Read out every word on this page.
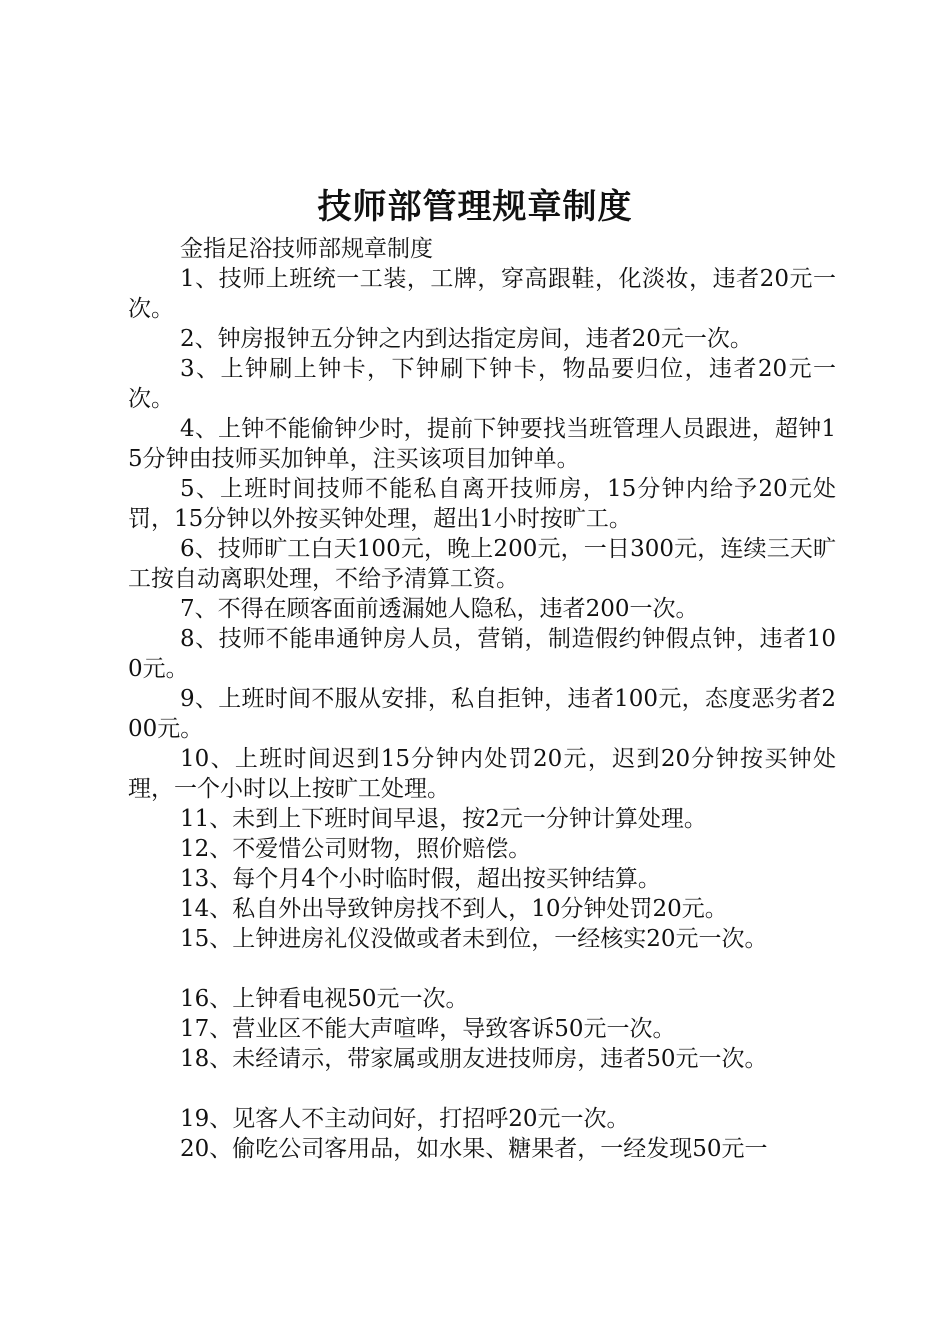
技师部管理规章制度

金指足浴技师部规章制度

1、技师上班统一工装，工牌，穿高跟鞋，化淡妆，违者20元一次。

2、钟房报钟五分钟之内到达指定房间，违者20元一次。

3、上钟刷上钟卡，下钟刷下钟卡，物品要归位，违者20元一次。

4、上钟不能偷钟少时，提前下钟要找当班管理人员跟进，超钟15分钟由技师买加钟单，注买该项目加钟单。

5、上班时间技师不能私自离开技师房，15分钟内给予20元处罚，15分钟以外按买钟处理，超出1小时按旷工。

6、技师旷工白天100元，晚上200元，一日300元，连续三天旷工按自动离职处理，不给予清算工资。

7、不得在顾客面前透漏她人隐私，违者200一次。

8、技师不能串通钟房人员，营销，制造假约钟假点钟，违者100元。

9、上班时间不服从安排，私自拒钟，违者100元，态度恶劣者200元。

10、上班时间迟到15分钟内处罚20元，迟到20分钟按买钟处理，一个小时以上按旷工处理。

11、未到上下班时间早退，按2元一分钟计算处理。

12、不爱惜公司财物，照价赔偿。

13、每个月4个小时临时假，超出按买钟结算。

14、私自外出导致钟房找不到人，10分钟处罚20元。

15、上钟进房礼仪没做或者未到位，一经核实20元一次。

16、上钟看电视50元一次。

17、营业区不能大声喧哗，导致客诉50元一次。

18、未经请示，带家属或朋友进技师房，违者50元一次。

19、见客人不主动问好，打招呼20元一次。

20、偷吃公司客用品，如水果、糖果者，一经发现50元一
